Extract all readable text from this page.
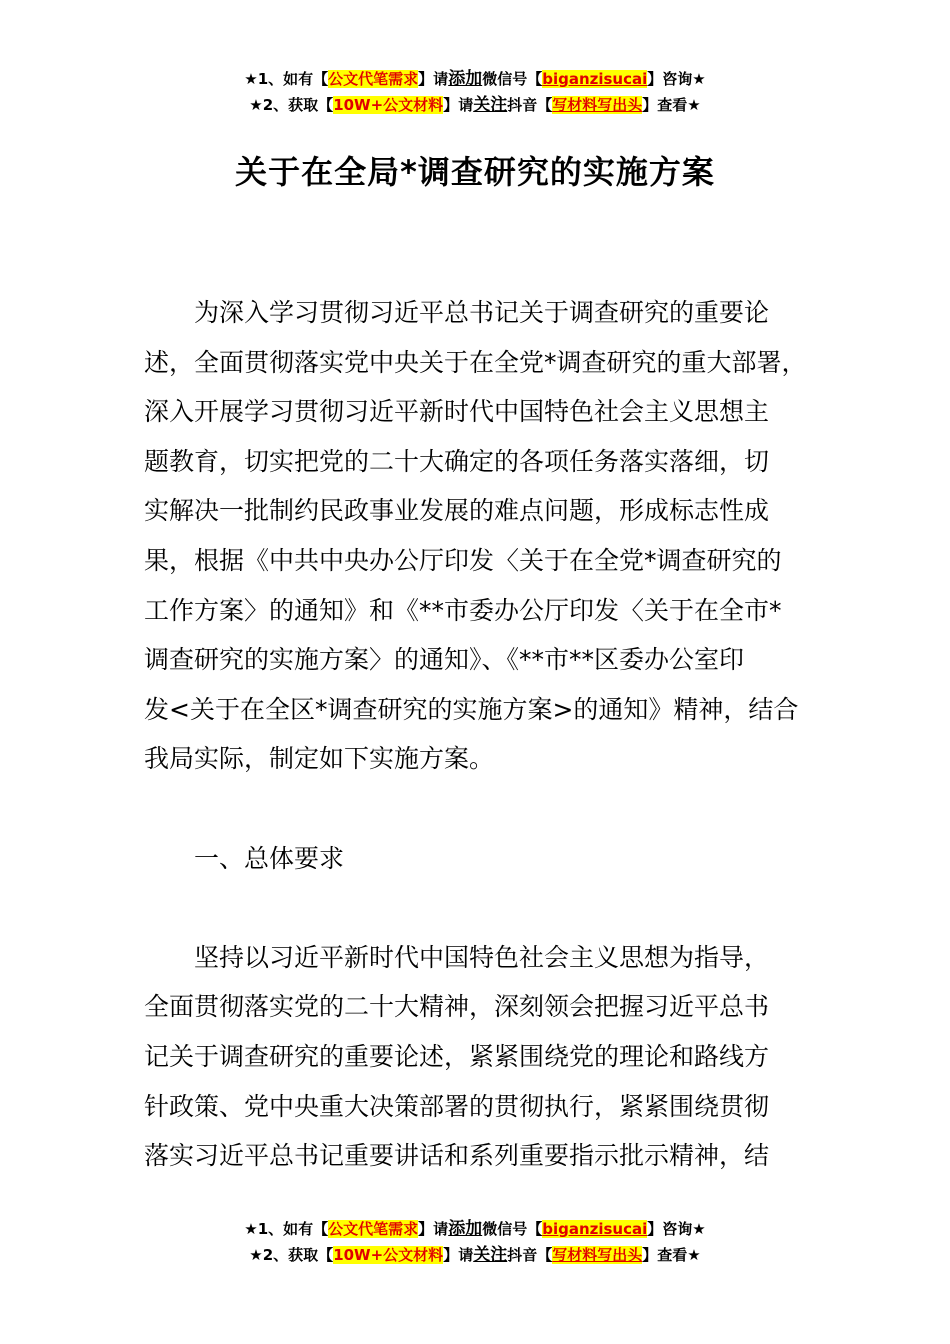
★1、如有【公文代笔需求】请添加微信号【biganzisucai】咨询★
★2、获取【10W+公文材料】请关注抖音【写材料写出头】查看★
关于在全局*调查研究的实施方案
　　为深入学习贯彻习近平总书记关于调查研究的重要论
述，全面贯彻落实党中央关于在全党*调查研究的重大部署，
深入开展学习贯彻习近平新时代中国特色社会主义思想主
题教育，切实把党的二十大确定的各项任务落实落细，切
实解决一批制约民政事业发展的难点问题，形成标志性成
果，根据《中共中央办公厅印发〈关于在全党*调查研究的
工作方案〉的通知》和《**市委办公厅印发〈关于在全市*
调查研究的实施方案〉的通知》、《**市**区委办公室印
发<关于在全区*调查研究的实施方案>的通知》精神，结合
我局实际，制定如下实施方案。
　　一、总体要求
　　坚持以习近平新时代中国特色社会主义思想为指导，
全面贯彻落实党的二十大精神，深刻领会把握习近平总书
记关于调查研究的重要论述，紧紧围绕党的理论和路线方
针政策、党中央重大决策部署的贯彻执行，紧紧围绕贯彻
落实习近平总书记重要讲话和系列重要指示批示精神，结
★1、如有【公文代笔需求】请添加微信号【biganzisucai】咨询★
★2、获取【10W+公文材料】请关注抖音【写材料写出头】查看★
